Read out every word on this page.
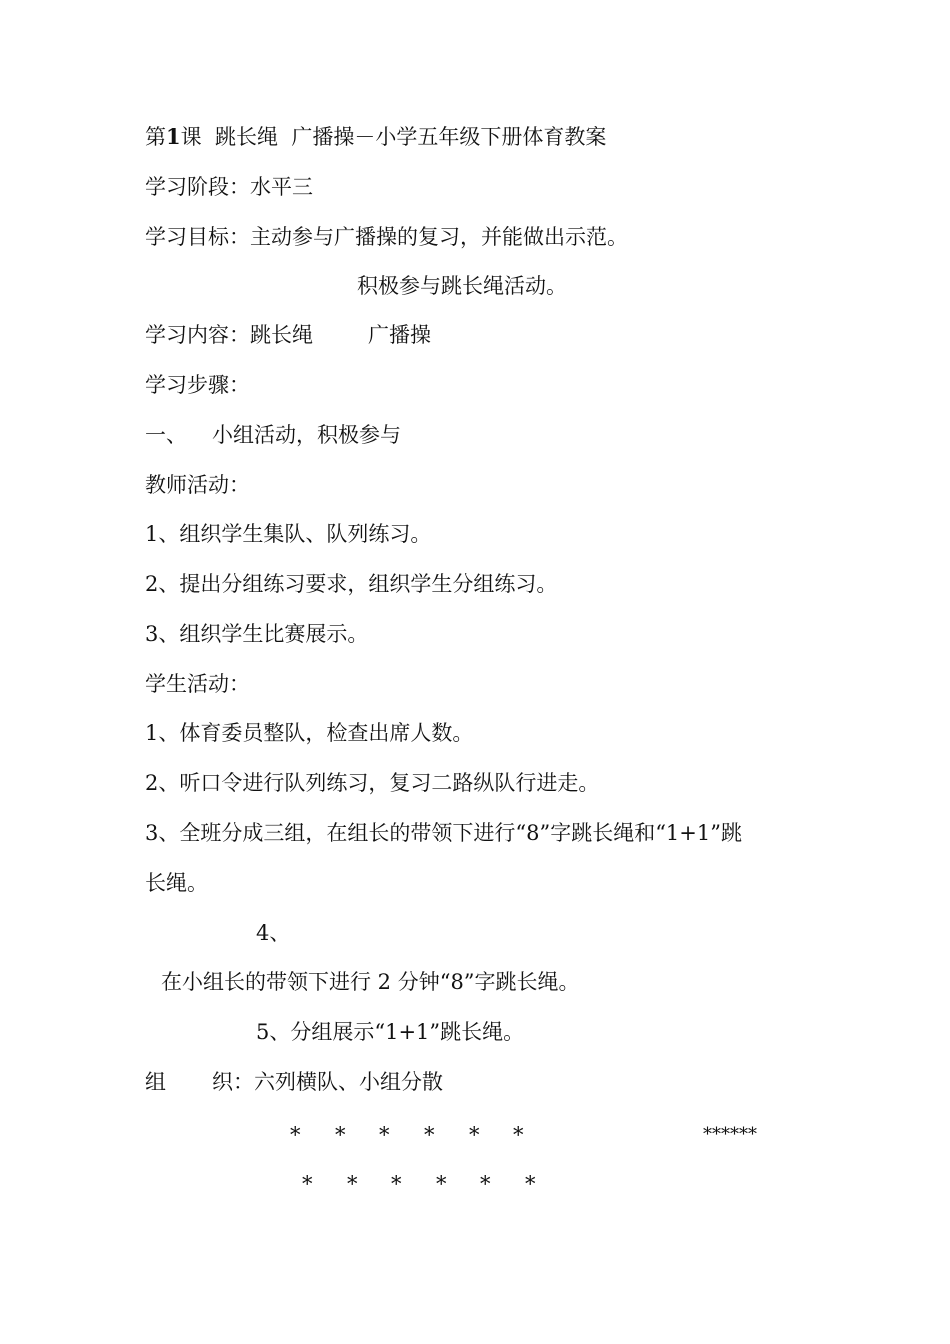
第1课  跳长绳  广播操－小学五年级下册体育教案
学习阶段：水平三
学习目标：主动参与广播操的复习，并能做出示范。
积极参与跳长绳活动。
学习内容：跳长绳	广播操
学习步骤：
一、 小组活动，积极参与
教师活动：
1、组织学生集队、队列练习。
2、提出分组练习要求，组织学生分组练习。
3、组织学生比赛展示。
学生活动：
1、体育委员整队，检查出席人数。
2、听口令进行队列练习，复习二路纵队行进走。
3、全班分成三组，在组长的带领下进行“8”字跳长绳和“1+1”跳
长绳。
4、
在小组长的带领下进行 2 分钟“8”字跳长绳。
5、分组展示“1+1”跳长绳。
组 织：六列横队、小组分散
* * * * * *	******
* * * * * *
